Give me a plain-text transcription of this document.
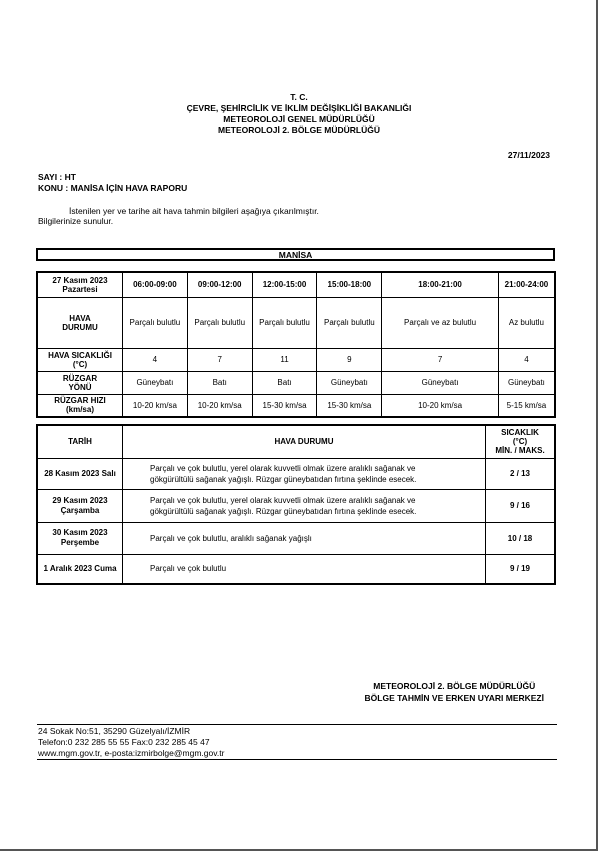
T. C.
ÇEVRE, ŞEHİRCİLİK VE İKLİM DEĞİŞİKLİĞİ BAKANLIĞI
METEOROLOJİ GENEL MÜDÜRLÜĞÜ
METEOROLOJİ 2. BÖLGE MÜDÜRLÜĞÜ
27/11/2023
SAYI : HT
KONU : MANİSA İÇİN HAVA RAPORU
İstenilen yer ve tarihe ait hava tahmin bilgileri aşağıya çıkarılmıştır.
Bilgilerinize sunulur.
MANİSA
27 Kasım 2023
Pazartesi	06:00-09:00	09:00-12:00	12:00-15:00	15:00-18:00	18:00-21:00	21:00-24:00
HAVA
DURUMU	Parçalı bulutlu	Parçalı bulutlu	Parçalı bulutlu	Parçalı bulutlu	Parçalı ve az bulutlu	Az bulutlu
HAVA SICAKLIĞI
(°C)	4	7	11	9	7	4
RÜZGAR
YÖNÜ	Güneybatı	Batı	Batı	Güneybatı	Güneybatı	Güneybatı
RÜZGAR HIZI
(km/sa)	10-20 km/sa	10-20 km/sa	15-30 km/sa	15-30 km/sa	10-20 km/sa	5-15 km/sa
TARİH	HAVA DURUMU	SICAKLIK
(°C)
MİN. / MAKS.
28 Kasım 2023 Salı	Parçalı ve çok bulutlu, yerel olarak kuvvetli olmak üzere aralıklı sağanak ve
gökgürültülü sağanak yağışlı. Rüzgar güneybatıdan fırtına şeklinde esecek.	2 / 13
29 Kasım 2023
Çarşamba	Parçalı ve çok bulutlu, yerel olarak kuvvetli olmak üzere aralıklı sağanak ve
gökgürültülü sağanak yağışlı. Rüzgar güneybatıdan fırtına şeklinde esecek.	9 / 16
30 Kasım 2023
Perşembe	Parçalı ve çok bulutlu, aralıklı sağanak yağışlı	10 / 18
1 Aralık 2023 Cuma	Parçalı ve çok bulutlu	9 / 19
METEOROLOJİ 2. BÖLGE MÜDÜRLÜĞÜ
BÖLGE TAHMİN VE ERKEN UYARI MERKEZİ
24 Sokak No:51, 35290 Güzelyalı/İZMİR
Telefon:0 232 285 55 55 Fax:0 232 285 45 47
www.mgm.gov.tr, e-posta:izmirbolge@mgm.gov.tr
